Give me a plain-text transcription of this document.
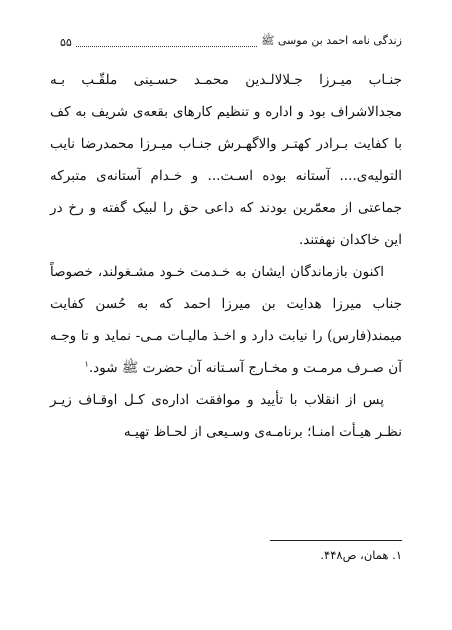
زندگی نامه احمد بن موسی ﷺ
۵۵

جنـاب میـرزا جـلالالـدین محمـد حسـینی ملقّـب بـه مجدالاشراف بود و اداره و تنظیم کارهای بقعه‌ی شریف به کف با کفایت بـرادر کهتـر والاگهـرش جنـاب میـرزا محمدرضا نایب التولیه‌ی.... آستانه بوده اسـت... و خـدام آستانه‌ی متبرکه جماعتی از معمّرین بودند که داعی حق را لبیک گفته و رخ در این خاکدان نهفتند.

اکنون بازماندگان ایشان به خـدمت خـود مشـغولند، خصوصاً جناب میرزا هدایت بن میرزا احمد که به حُسن کفایت میمند(فارس) را نیابت دارد و اخـذ مالیـات مـی- نماید و تا وجـه آن صـرف مرمـت و مخـارج آسـتانه آن حضرت ﷺ شود.$^۱$

پس از انقلاب با تأیید و موافقت اداره‌ی کـل اوقـاف زیـر نظـر هیـأت امنـا؛ برنامـه‌ی وسـیعی از لحـاظ تهیـه

۱. همان، ص۴۴۸.
